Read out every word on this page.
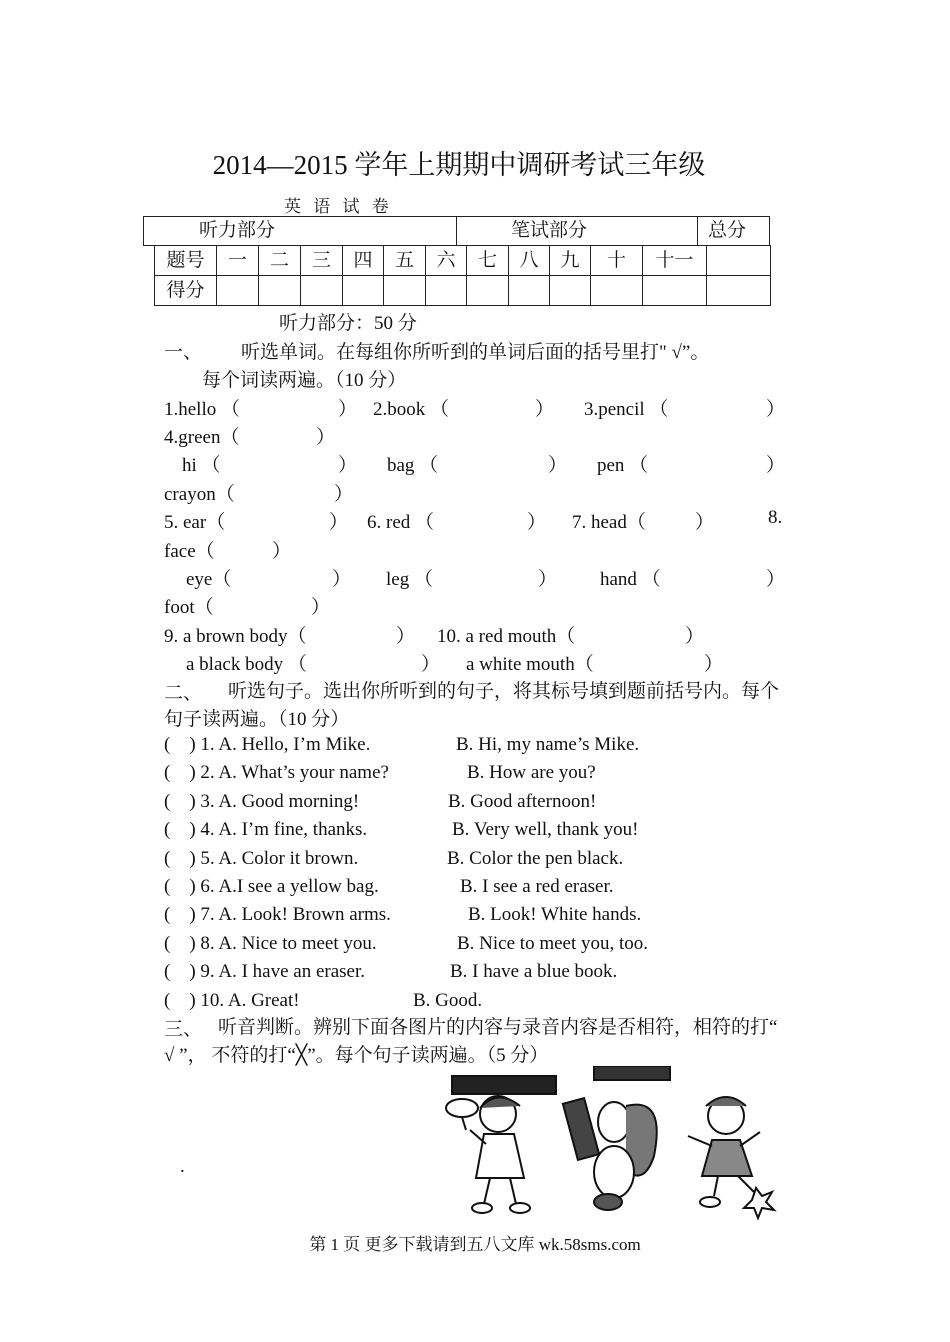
2014—2015 学年上期期中调研考试三年级
英 语 试 卷
听力部分	笔试部分	总分
题号	一	二	三	四	五	六	七	八	九	十	十一
得分
听力部分：50 分
一、 听选单词。在每组你所听到的单词后面的括号里打" √”。
每个词读两遍。（10 分）
1.hello （	） 2.book （	） 3.pencil （	）
4.green（	）
hi （	） bag （	） pen （	）
crayon（	）
5. ear（	） 6. red （	） 7. head（	）	8.
face（	）
eye（	） leg （	） hand （	）
foot（	）
9. a brown body（	） 10. a red mouth（	）
a black body （	） a white mouth（	）
二、	听选句子。选出你所听到的句子，将其标号填到题前括号内。每个句子读两遍。（10 分）
(    ) 1. A. Hello, I’m Mike.	B. Hi, my name’s Mike.
(    ) 2. A. What’s your name?	B. How are you?
(    ) 3. A. Good morning!	B. Good afternoon!
(    ) 4. A. I’m fine, thanks.	B. Very well, thank you!
(    ) 5. A. Color it brown.	B. Color the pen black.
(    ) 6. A.I see a yellow bag.	B. I see a red eraser.
(    ) 7. A. Look! Brown arms.	B. Look! White hands.
(    ) 8. A. Nice to meet you.	B. Nice to meet you, too.
(    ) 9. A. I have an eraser.	B. I have a blue book.
(    ) 10. A. Great!	B. Good.
三、 听音判断。辨别下面各图片的内容与录音内容是否相符，相符的打“ √ ”， 不符的打“╳”。每个句子读两遍。（5 分）
.
第 1 页 更多下载请到五八文库 wk.58sms.com
